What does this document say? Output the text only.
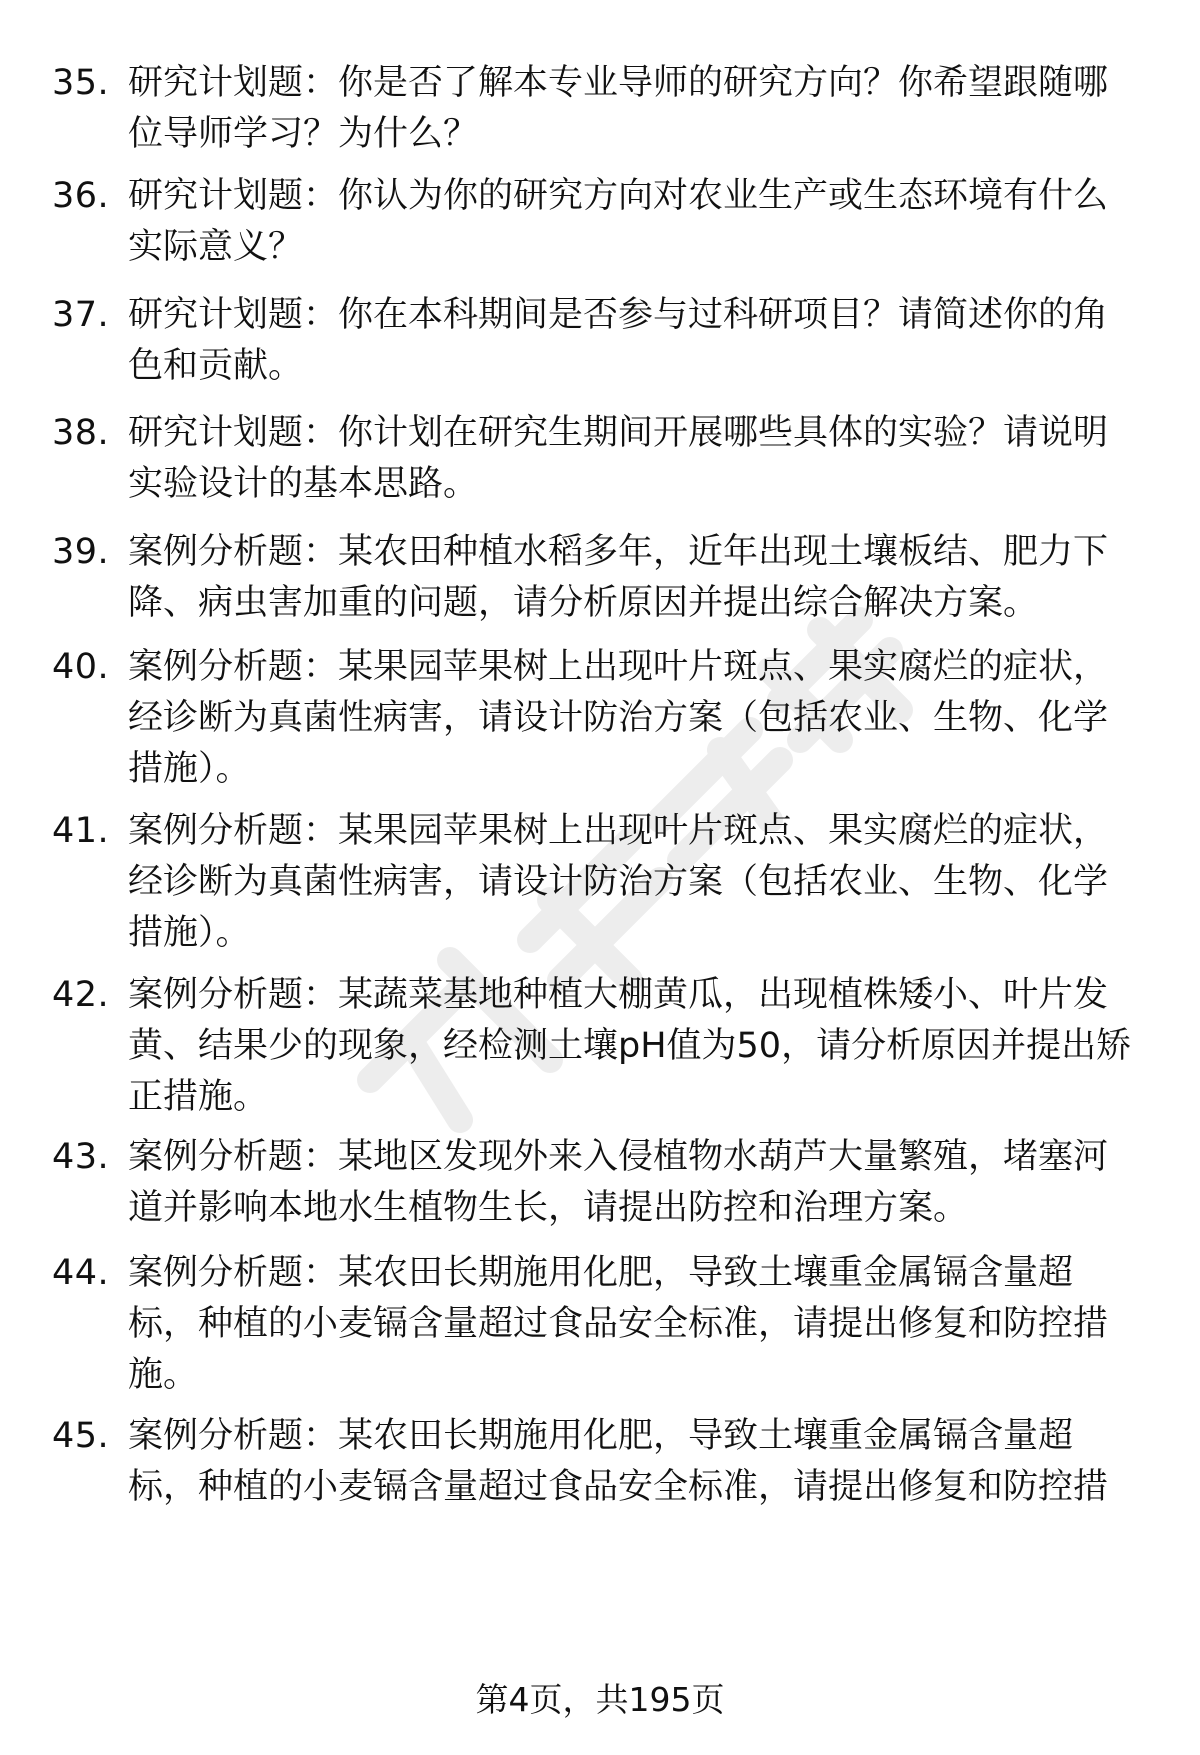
35. 研究计划题：你是否了解本专业导师的研究方向？你希望跟随哪
位导师学习？为什么？
36. 研究计划题：你认为你的研究方向对农业生产或生态环境有什么
实际意义？
37. 研究计划题：你在本科期间是否参与过科研项目？请简述你的角
色和贡献。
38. 研究计划题：你计划在研究生期间开展哪些具体的实验？请说明
实验设计的基本思路。
39. 案例分析题：某农田种植水稻多年，近年出现土壤板结、肥力下
降、病虫害加重的问题，请分析原因并提出综合解决方案。
40. 案例分析题：某果园苹果树上出现叶片斑点、果实腐烂的症状，
经诊断为真菌性病害，请设计防治方案（包括农业、生物、化学
措施）。
41. 案例分析题：某果园苹果树上出现叶片斑点、果实腐烂的症状，
经诊断为真菌性病害，请设计防治方案（包括农业、生物、化学
措施）。
42. 案例分析题：某蔬菜基地种植大棚黄瓜，出现植株矮小、叶片发
黄、结果少的现象，经检测土壤pH值为50，请分析原因并提出矫
正措施。
43. 案例分析题：某地区发现外来入侵植物水葫芦大量繁殖，堵塞河
道并影响本地水生植物生长，请提出防控和治理方案。
44. 案例分析题：某农田长期施用化肥，导致土壤重金属镉含量超
标，种植的小麦镉含量超过食品安全标准，请提出修复和防控措
施。
45. 案例分析题：某农田长期施用化肥，导致土壤重金属镉含量超
标，种植的小麦镉含量超过食品安全标准，请提出修复和防控措
第4页，共195页
